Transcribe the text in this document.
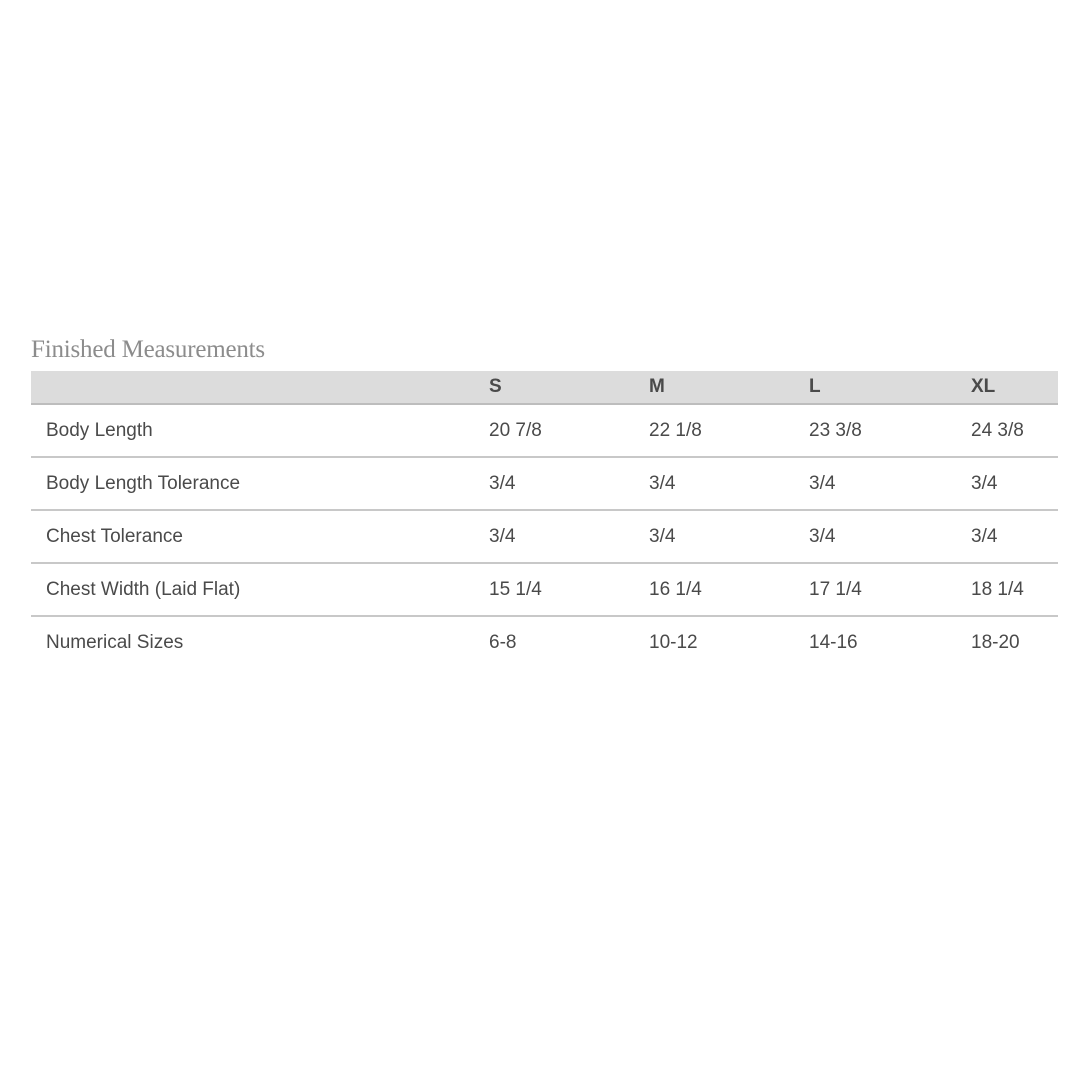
Finished Measurements
	S	M	L	XL
Body Length	20 7/8	22 1/8	23 3/8	24 3/8
Body Length Tolerance	3/4	3/4	3/4	3/4
Chest Tolerance	3/4	3/4	3/4	3/4
Chest Width (Laid Flat)	15 1/4	16 1/4	17 1/4	18 1/4
Numerical Sizes	6-8	10-12	14-16	18-20
